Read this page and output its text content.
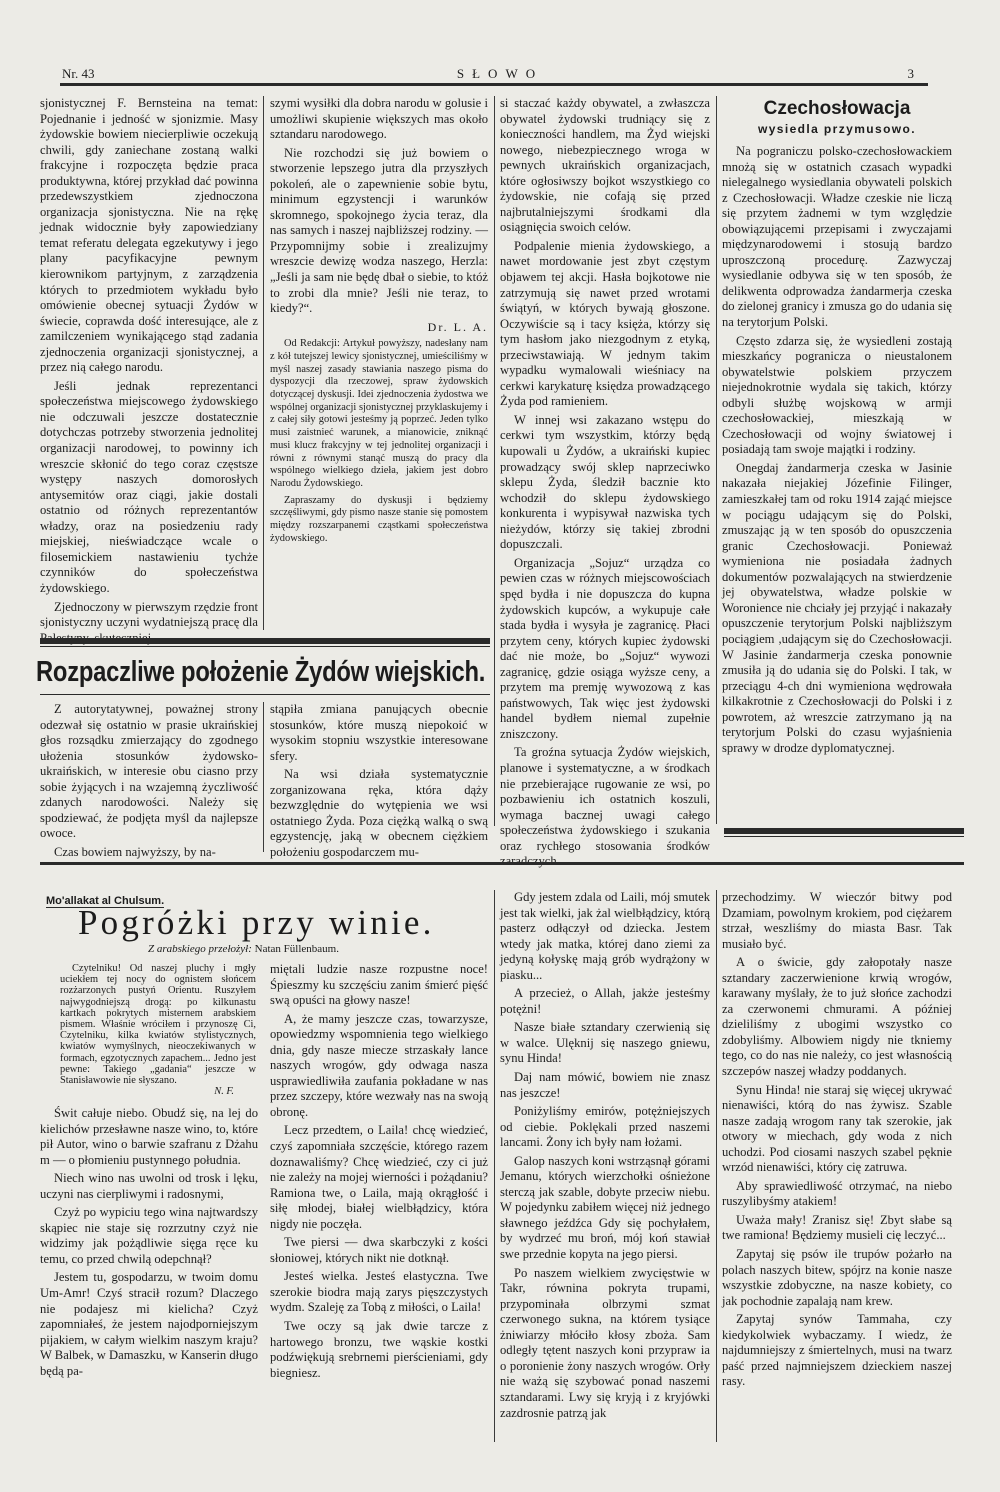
Nr. 43	SŁOWO	3

sjonistycznej F. Bernsteina na temat: Pojednanie i jedność w sjonizmie. Masy żydowskie bowiem niecierpliwie oczekują chwili, gdy zaniechane zostaną walki frakcyjne i rozpoczęta będzie praca produktywna, której przykład dać powinna przedewszystkiem zjednoczona organizacja sjonistyczna. Nie na rękę jednak widocznie były zapowiedziany temat referatu delegata egzekutywy i jego plany pacyfikacyjne pewnym kierownikom partyjnym, z zarządzenia których to przedmiotem wykładu było omówienie obecnej sytuacji Żydów w świecie, coprawda dość interesujące, ale z zamilczeniem wynikającego stąd zadania zjednoczenia organizacji sjonistycznej, a przez nią całego narodu.

Jeśli jednak reprezentanci społeczeństwa miejscowego żydowskiego nie odczuwali jeszcze dostatecznie dotychczas potrzeby stworzenia jednolitej organizacji narodowej, to powinny ich wreszcie skłonić do tego coraz częstsze występy naszych domorosłych antysemitów oraz ciągi, jakie dostali ostatnio od różnych reprezentantów władzy, oraz na posiedzeniu rady miejskiej, nieświadczące wcale o filosemickiem nastawieniu tychże czynników do społeczeństwa żydowskiego.

Zjednoczony w pierwszym rzędzie front sjonistyczny uczyni wydatniejszą pracę dla

szymi wysiłki dla dobra narodu w golusie i umożliwi skupienie większych mas około sztandaru narodowego.

Nie rozchodzi się już bowiem o stworzenie lepszego jutra dla przyszłych pokoleń, ale o zapewnienie sobie bytu, minimum egzystencji i warunków skromnego, spokojnego życia teraz, dla nas samych i naszej najbliższej rodziny. — Przypomnijmy sobie i zrealizujmy wreszcie dewizę wodza naszego, Herzla: „Jeśli ja sam nie będę dbał o siebie, to któż to zrobi dla mnie? Jeśli nie teraz, to kiedy?“.

Dr. L. A.

Od Redakcji: Artykuł powyższy, nadesłany nam z kół tutejszej lewicy sjonistycznej, umieściliśmy w myśl naszej zasady stawiania naszego pisma do dyspozycji dla rzeczowej, spraw żydowskich dotyczącej dyskusji. Idei zjednoczenia żydostwa we wspólnej organizacji sjonistycznej przyklaskujemy i z całej siły gotowi jesteśmy ją poprzeć. Jeden tylko musi zaistnieć warunek, a mianowicie, zniknąć musi klucz frakcyjny w tej jednolitej organizacji i równi z równymi stanąć muszą do pracy dla wspólnego wielkiego dzieła, jakiem jest dobro Narodu Żydowskiego.

Zapraszamy do dyskusji i będziemy szczęśliwymi, gdy pismo nasze stanie się pomostem między rozszarpanemi cząstkami społeczeństwa żydowskiego.

si staczać każdy obywatel, a zwłaszcza obywatel żydowski trudniący się z konieczności handlem, ma Żyd wiejski nowego, niebezpiecznego wroga w pewnych ukraińskich organizacjach, które ogłosiwszy bojkot wszystkiego co żydowskie, nie cofają się przed najbrutalniejszymi środkami dla osiągnięcia swoich celów.

Podpalenie mienia żydowskiego, a nawet mordowanie jest zbyt częstym objawem tej akcji. Hasła bojkotowe nie zatrzymują się nawet przed wrotami świątyń, w których bywają głoszone. Oczywiście są i tacy księża, którzy się tym hasłom jako niezgodnym z etyką, przeciwstawiają. W jednym takim wypadku wymalowali wieśniacy na cerkwi karykaturę księdza prowadzącego Żyda pod ramieniem.

W innej wsi zakazano wstępu do cerkwi tym wszystkim, którzy będą kupowali u Żydów, a ukraiński kupiec prowadzący swój sklep naprzeciwko sklepu Żyda, śledził bacznie kto wchodził do sklepu żydowskiego konkurenta i wypisywał nazwiska tych nieżydów, którzy się takiej zbrodni dopuszczali.

Organizacja „Sojuz“ urządza co pewien czas w różnych miejscowościach spęd bydła i nie dopuszcza do kupna żydowskich kupców, a wykupuje całe stada bydła i wysyła je zagranicę. Płaci przytem ceny, których kupiec żydowski dać nie może, bo „Sojuz“ wywozi zagranicę, gdzie osiąga wyższe ceny, a przytem ma premję wywozową z kas państwowych, Tak więc jest żydowski handel bydłem niemal zupełnie zniszczony.

Ta groźna sytuacja Żydów wiejskich, planowe i systematyczne, a w środkach nie przebierające rugowanie ze wsi, po pozbawieniu ich ostatnich koszuli, wymaga bacznej uwagi całego społeczeństwa żydowskiego i szukania oraz rychłego stosowania środków

Czechosłowacja
wysiedla przymusowo.

Na pograniczu polsko-czechosłowackiem mnożą się w ostatnich czasach wypadki nielegalnego wysiedlania obywateli polskich z Czechosłowacji. Władze czeskie nie liczą się przytem żadnemi w tym względzie obowiązującemi przepisami i zwyczajami międzynarodowemi i stosują bardzo uproszczoną procedurę. Zazwyczaj wysiedlanie odbywa się w ten sposób, że delikwenta odprowadza żandarmerja czeska do zielonej granicy i zmusza go do udania się na terytorjum Polski.

Często zdarza się, że wysiedleni zostają mieszkańcy pogranicza o nieustalonem obywatelstwie polskiem przyczem niejednokrotnie wydala się takich, którzy odbyli służbę wojskową w armji czechosłowackiej, mieszkają w Czechosłowacji od wojny światowej i posiadają tam swoje majątki i rodziny.

Onegdaj żandarmerja czeska w Jasinie nakazała niejakiej Józefinie Filinger, zamieszkałej tam od roku 1914 zająć miejsce w pociągu udającym się do Polski, zmuszając ją w ten sposób do opuszczenia granic Czechosłowacji. Ponieważ wymieniona nie posiadała żadnych dokumentów pozwalających na stwierdzenie jej obywatelstwa, władze polskie w Woronience nie chciały jej przyjąć i nakazały opuszczenie terytorjum Polski najbliższym pociągiem ,udającym się do Czechosłowacji. W Jasinie żandarmerja czeska ponownie zmusiła ją do udania się do Polski. I tak, w przeciągu 4-ch dni wymieniona wędrowała kilkakrotnie z Czechosłowacji do Polski i z powrotem, aż wreszcie zatrzymano ją na terytorjum Polski do czasu wyjaśnienia sprawy w drodze dyplomatycznej.

Rozpaczliwe położenie Żydów wiejskich.

Z autorytatywnej, poważnej strony odezwał się ostatnio w prasie ukraińskiej głos rozsądku zmierzający do zgodnego ułożenia stosunków żydowsko-ukraińskich, w interesie obu ciasno przy sobie żyjących i na wzajemną życzliwość zdanych narodowości. Należy się spodziewać, że podjęta myśl da najlepsze owoce.

Czas bowiem najwyższy, by na-

stąpiła zmiana panujących obecnie stosunków, które muszą niepokoić w wysokim stopniu wszystkie interesowane sfery.

Na wsi działa systematycznie zorganizowana ręka, która dąży bezwzględnie do wytępienia we wsi ostatniego Żyda. Poza ciężką walką o swą egzystencję, jaką w obecnem ciężkiem położeniu gospodarczem mu-

Mo'allakat al Chulsum.
Pogróżki przy winie.
Z arabskiego przełożył: Natan Füllenbaum.

Czytelniku! Od naszej pluchy i mgły uciekłem tej nocy do ognistem słońcem rozżarzonych pustyń Orientu. Ruszyłem najwygodniejszą drogą: po kilkunastu kartkach pokrytych misternem arabskiem pismem. Właśnie wróciłem i przynoszę Ci, Czytelniku, kilka kwiatów stylistycznych, kwiatów wymyślnych, nieoczekiwanych w formach, egzotycznych zapachem... Jedno jest pewne: Takiego „gadania“ jeszcze w Stanisławowie nie słyszano.

N. F.

Świt całuje niebo. Obudź się, na lej do kielichów przesławne nasze wino, to, które pił Autor, wino o barwie szafranu z Dżahu m — o płomieniu pustynnego południa.

Niech wino nas uwolni od trosk i lęku, uczyni nas cierpliwymi i radosnymi,

Czyż po wypiciu tego wina najtwardszy skąpiec nie staje się rozrzutny czyż nie widzimy jak pożądliwie sięga ręce ku temu, co przed chwilą odepchnął?

Jestem tu, gospodarzu, w twoim domu Um-Amr! Czyś stracił rozum? Dlaczego nie podajesz mi kielicha? Czyż zapomniałeś, że jestem najodporniejszym pijakiem, w całym wielkim naszym kraju? W Balbek, w Damaszku, w Kanserin długo będą pa-

miętali ludzie nasze rozpustne noce! Śpieszmy ku szczęściu zanim śmierć pięść swą opuści na głowy nasze!

A, że mamy jeszcze czas, towarzysze, opowiedzmy wspomnienia tego wielkiego dnia, gdy nasze miecze strzaskały lance naszych wrogów, gdy odwaga nasza usprawiedliwiła zaufania pokładane w nas przez szczepy, które wezwały nas na swoją obronę.

Lecz przedtem, o Laila! chcę wiedzieć, czyś zapomniała szczęście, którego razem doznawaliśmy? Chcę wiedzieć, czy ci już nie zależy na mojej wierności i pożądaniu? Ramiona twe, o Laila, mają okrągłość i siłę młodej, białej wielbłądzicy, która nigdy nie poczęła.

Twe piersi — dwa skarbczyki z kości słoniowej, których nikt nie dotknął.

Jesteś wielka. Jesteś elastyczna. Twe szerokie biodra mają zarys pięszczystych wydm. Szaleję za Tobą z miłości, o Laila!

Twe oczy są jak dwie tarcze z hartowego bronzu, twe wąskie kostki podźwiękują srebrnemi pierścieniami, gdy biegniesz.

Gdy jestem zdala od Laili, mój smutek jest tak wielki, jak żal wielbłądzicy, którą pasterz odłączył od dziecka. Jestem wtedy jak matka, której dano ziemi za jedyną kołyskę mają grób wydrążony w piasku...

A przecież, o Allah, jakże jesteśmy potężni!

Nasze białe sztandary czerwienią się w walce. Ulęknij się naszego gniewu, synu Hinda!

Daj nam mówić, bowiem nie znasz nas jeszcze!

Poniżyliśmy emirów, potężniejszych od ciebie. Poklękali przed naszemi lancami. Żony ich były nam łożami.

Galop naszych koni wstrząsnął górami Jemanu, których wierzchołki ośnieżone sterczą jak szable, dobyte przeciw niebu. W pojedynku zabiłem więcej niż jednego sławnego jeźdźca Gdy się pochyłałem, by wydrzeć mu broń, mój koń stawiał swe przednie kopyta na jego piersi.

Po naszem wielkiem zwycięstwie w Takr, równina pokryta trupami, przypominała olbrzymi szmat czerwonego sukna, na którem tysiące żniwiarzy młóciło kłosy zboża. Sam odległy tętent naszych koni przypraw ia o poronienie żony naszych wrogów. Orły nie ważą się szybować ponad naszemi sztandarami. Lwy się kryją i z kryjówki zazdrosnie patrzą jak

przechodzimy. W wieczór bitwy pod Dzamiam, powolnym krokiem, pod ciężarem strzał, weszliśmy do miasta Basr. Tak musiało być.

A o świcie, gdy załopotały nasze sztandary zaczerwienione krwią wrogów, karawany myślały, że to już słońce zachodzi za czerwonemi chmurami. A później dzieliliśmy z ubogimi wszystko co zdobyliśmy. Albowiem nigdy nie tkniemy tego, co do nas nie należy, co jest własnością szczepów naszej władzy poddanych.

Synu Hinda! nie staraj się więcej ukrywać nienawiści, którą do nas żywisz. Szable nasze zadają wrogom rany tak szerokie, jak otwory w miechach, gdy woda z nich uchodzi. Pod ciosami naszych szabel pęknie wrzód nienawiści, który cię zatruwa.

Aby sprawiedliwość otrzymać, na niebo ruszylibyśmy atakiem!

Uważa mały! Zranisz się! Zbyt słabe są twe ramiona! Będziemy musieli cię leczyć...

Zapytaj się psów ile trupów pożarło na polach naszych bitew, spójrz na konie nasze wszystkie zdobyczne, na nasze kobiety, co jak pochodnie zapalają nam krew.

Zapytaj synów Tammaha, czy kiedykolwiek wybaczamy. I wiedz, że najdumniejszy z śmiertelnych, musi na twarz paść przed najmniejszem dzieckiem naszej rasy.
